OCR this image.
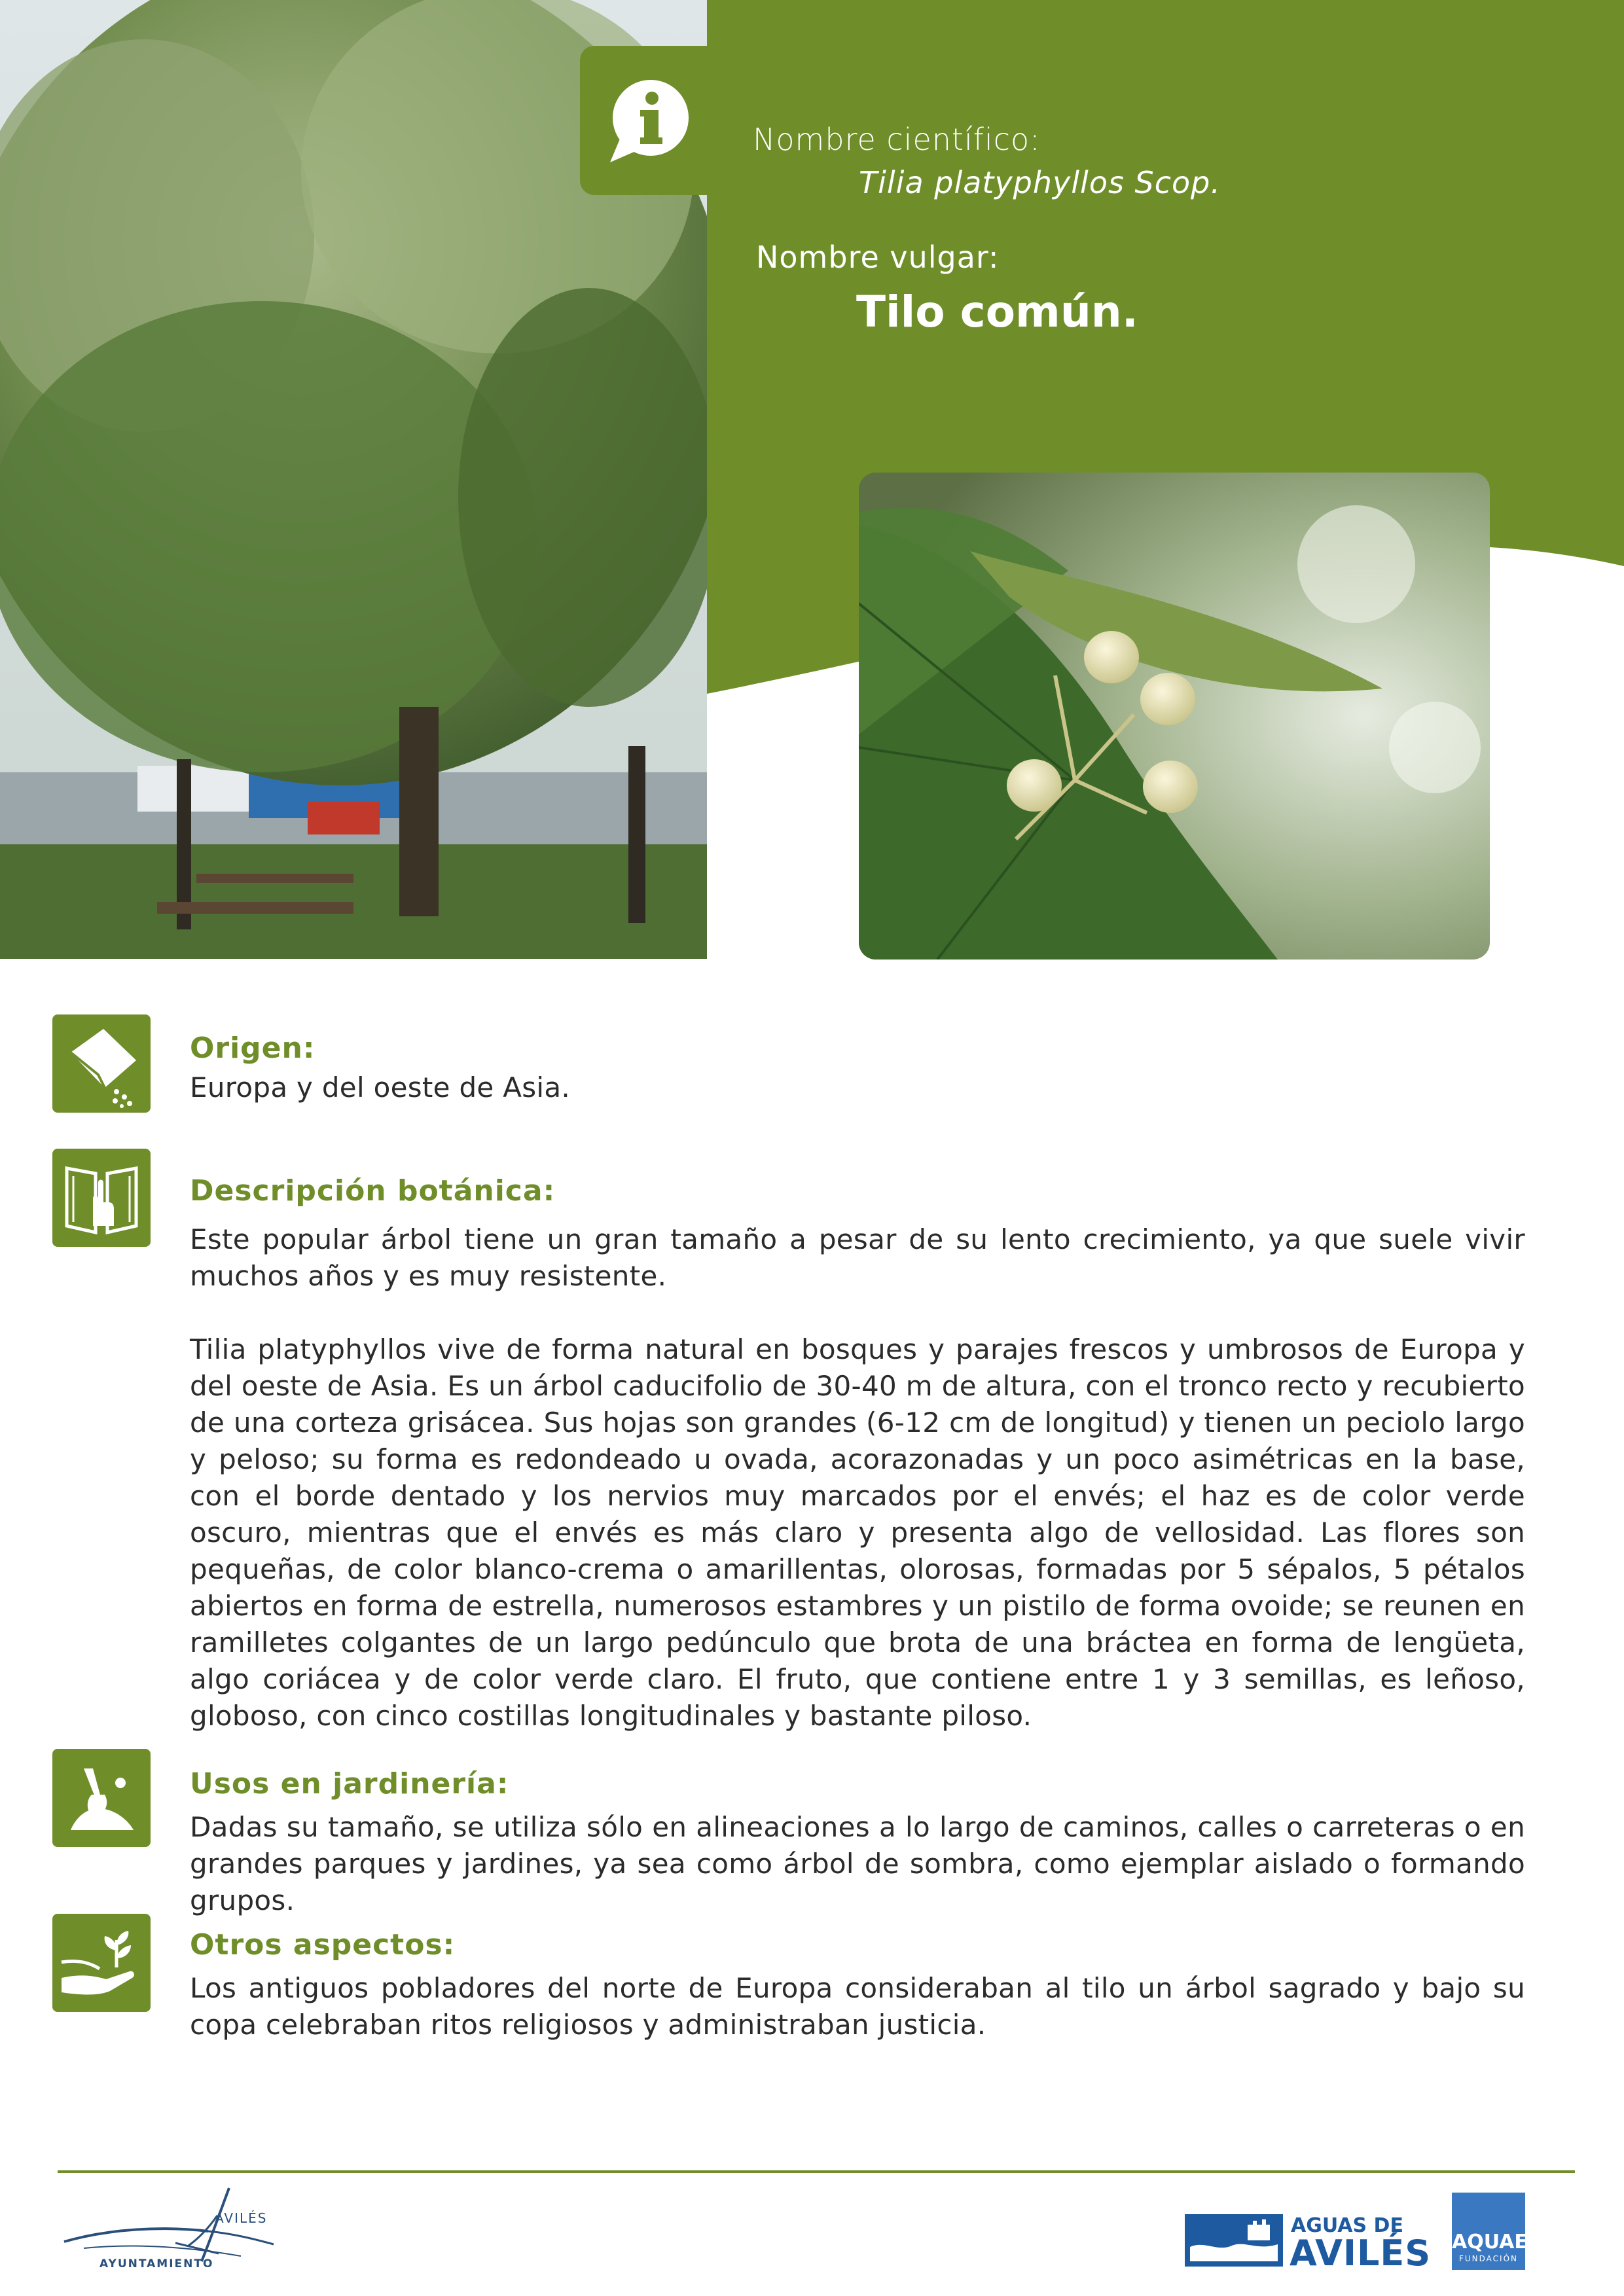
Nombre científico:
Tilia platyphyllos Scop.
Nombre vulgar:
Tilo común.
Origen:

Europa y del oeste de Asia.

Descripción botánica:

Este popular árbol tiene un gran tamaño a pesar de su lento crecimiento, ya que suele vivir muchos años y es muy resistente.

Tilia platyphyllos vive de forma natural en bosques y parajes frescos y umbrosos de Europa y del oeste de Asia. Es un árbol caducifolio de 30-40 m de altura, con el tronco recto y recubierto de una corteza grisácea. Sus hojas son grandes (6-12 cm de longitud) y tienen un peciolo largo y peloso; su forma es redondeado u ovada, acorazonadas y un poco asimétricas en la base, con el borde dentado y los nervios muy marcados por el envés; el haz es de color verde oscuro, mientras que el envés es más claro y presenta algo de vellosidad. Las flores son pequeñas, de color blanco-crema o amarillentas, olorosas, formadas por 5 sépalos, 5 pétalos abiertos en forma de estrella, numerosos estambres y un pistilo de forma ovoide; se reunen en ramilletes colgantes de un largo pedúnculo que brota de una bráctea en forma de lengüeta, algo coriácea y de color verde claro. El fruto, que contiene entre 1 y 3 semillas, es leñoso, globoso, con cinco costillas longitudinales y bastante piloso.

Usos en jardinería:

Dadas su tamaño, se utiliza sólo en alineaciones a lo largo de caminos, calles o carreteras o en grandes parques y jardines, ya sea como árbol de sombra, como ejemplar aislado o formando grupos.

Otros aspectos:

Los antiguos pobladores del norte de Europa consideraban al tilo un árbol sagrado y bajo su copa celebraban ritos religiosos y administraban justicia.

AVILÉS
AYUNTAMIENTO
AGUAS DE
AVILÉS AQUAE
FUNDACIÓN
